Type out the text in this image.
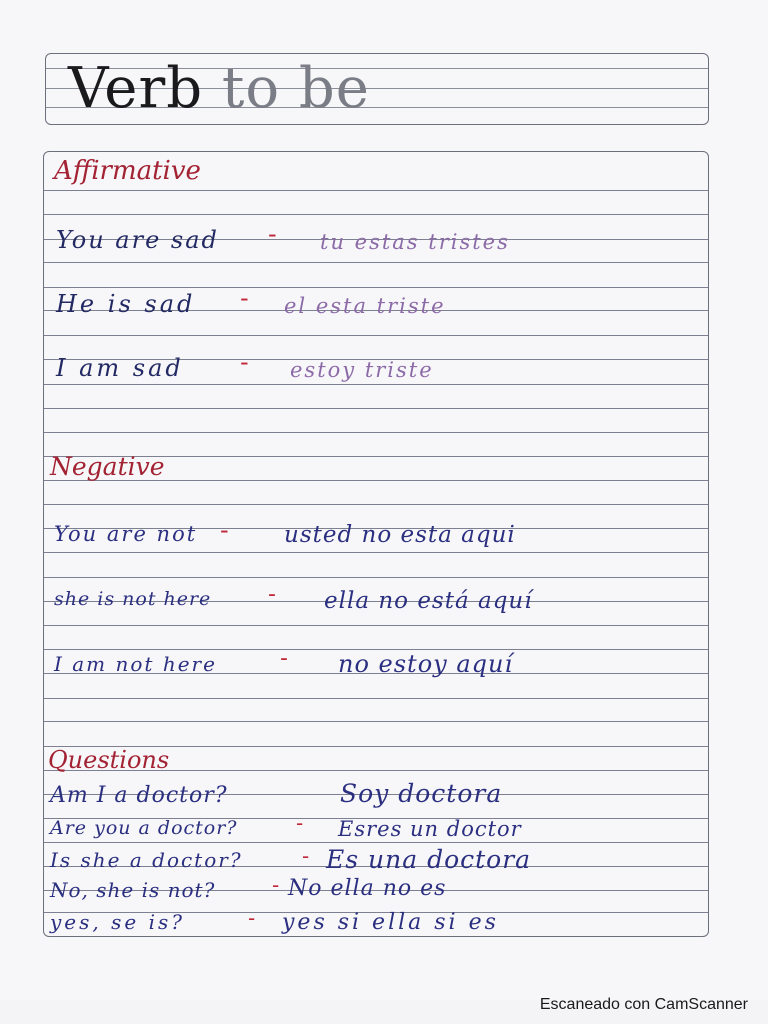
Verb to be
Affirmative
You are sad - tu estas tristes
He is sad - el esta triste
I am sad - estoy triste
Negative
You are not - usted no esta aqui
she is not here	- ella no está aquí
I am not here	- no estoy aquí
Questions
Am I a doctor?	Soy doctora
Are you a doctor?	- Esres un doctor
Is she a doctor?	- Es una doctora
No, she is not?	- No ella no es
yes, se is?	- yes si ella si es
Escaneado con CamScanner
